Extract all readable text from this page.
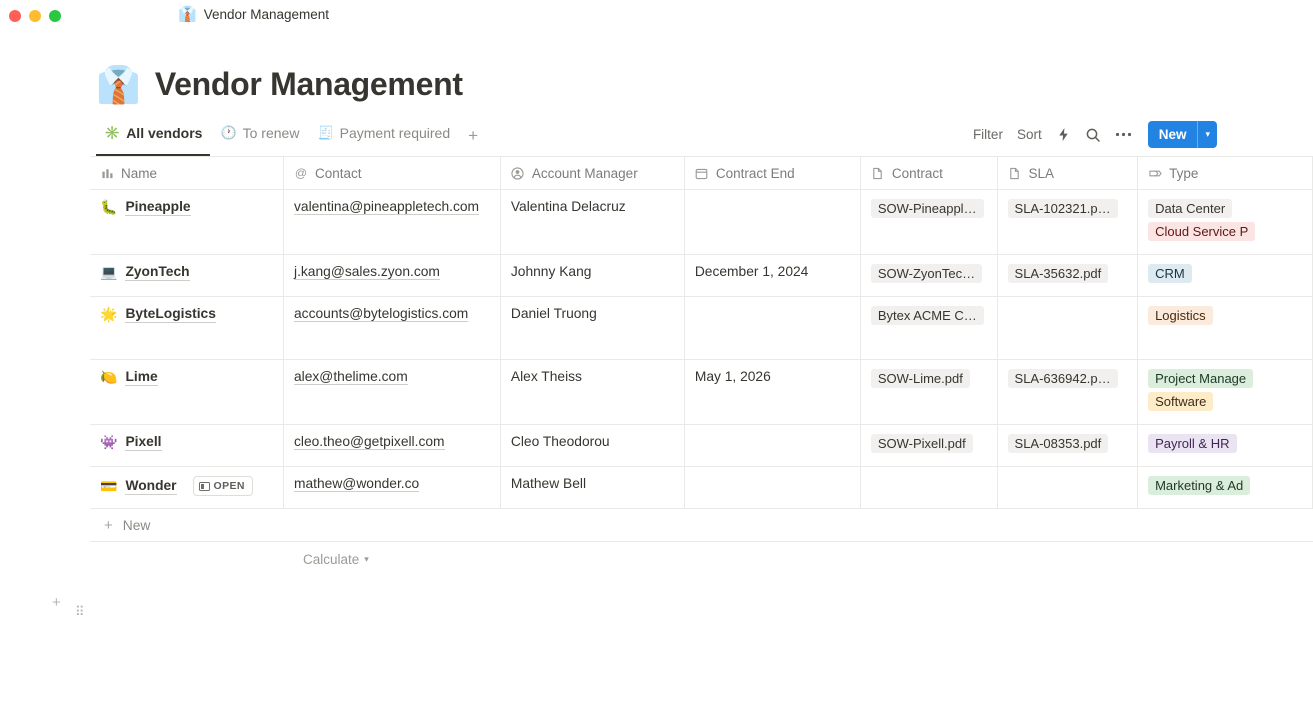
👔 Vendor Management
👔 Vendor Management
✳️ All vendors 🕐 To renew 🧾 Payment required	+	Filter Sort	New	▾
Name	@ Contact	Account Manager	Contract End	Contract	SLA	Type

🐛 Pineapple	valentina@pineappletech.com	Valentina Delacruz		SOW-Pineappl…	SLA-102321.p…	Data Center Cloud Service P

💻 ZyonTech	j.kang@sales.zyon.com	Johnny Kang	December 1, 2024	SOW-ZyonTec…	SLA-35632.pdf	CRM

🌟 ByteLogistics	accounts@bytelogistics.com	Daniel Truong		Bytex ACME C…		Logistics

🍋 Lime	alex@thelime.com	Alex Theiss	May 1, 2026	SOW-Lime.pdf	SLA-636942.p…	Project Manage Software

👾 Pixell	cleo.theo@getpixell.com	Cleo Theodorou		SOW-Pixell.pdf	SLA-08353.pdf	Payroll & HR

💳 Wonder OPEN	mathew@wonder.co	Mathew Bell				Marketing & Ad
+
⠿
+ New
Calculate ▾
